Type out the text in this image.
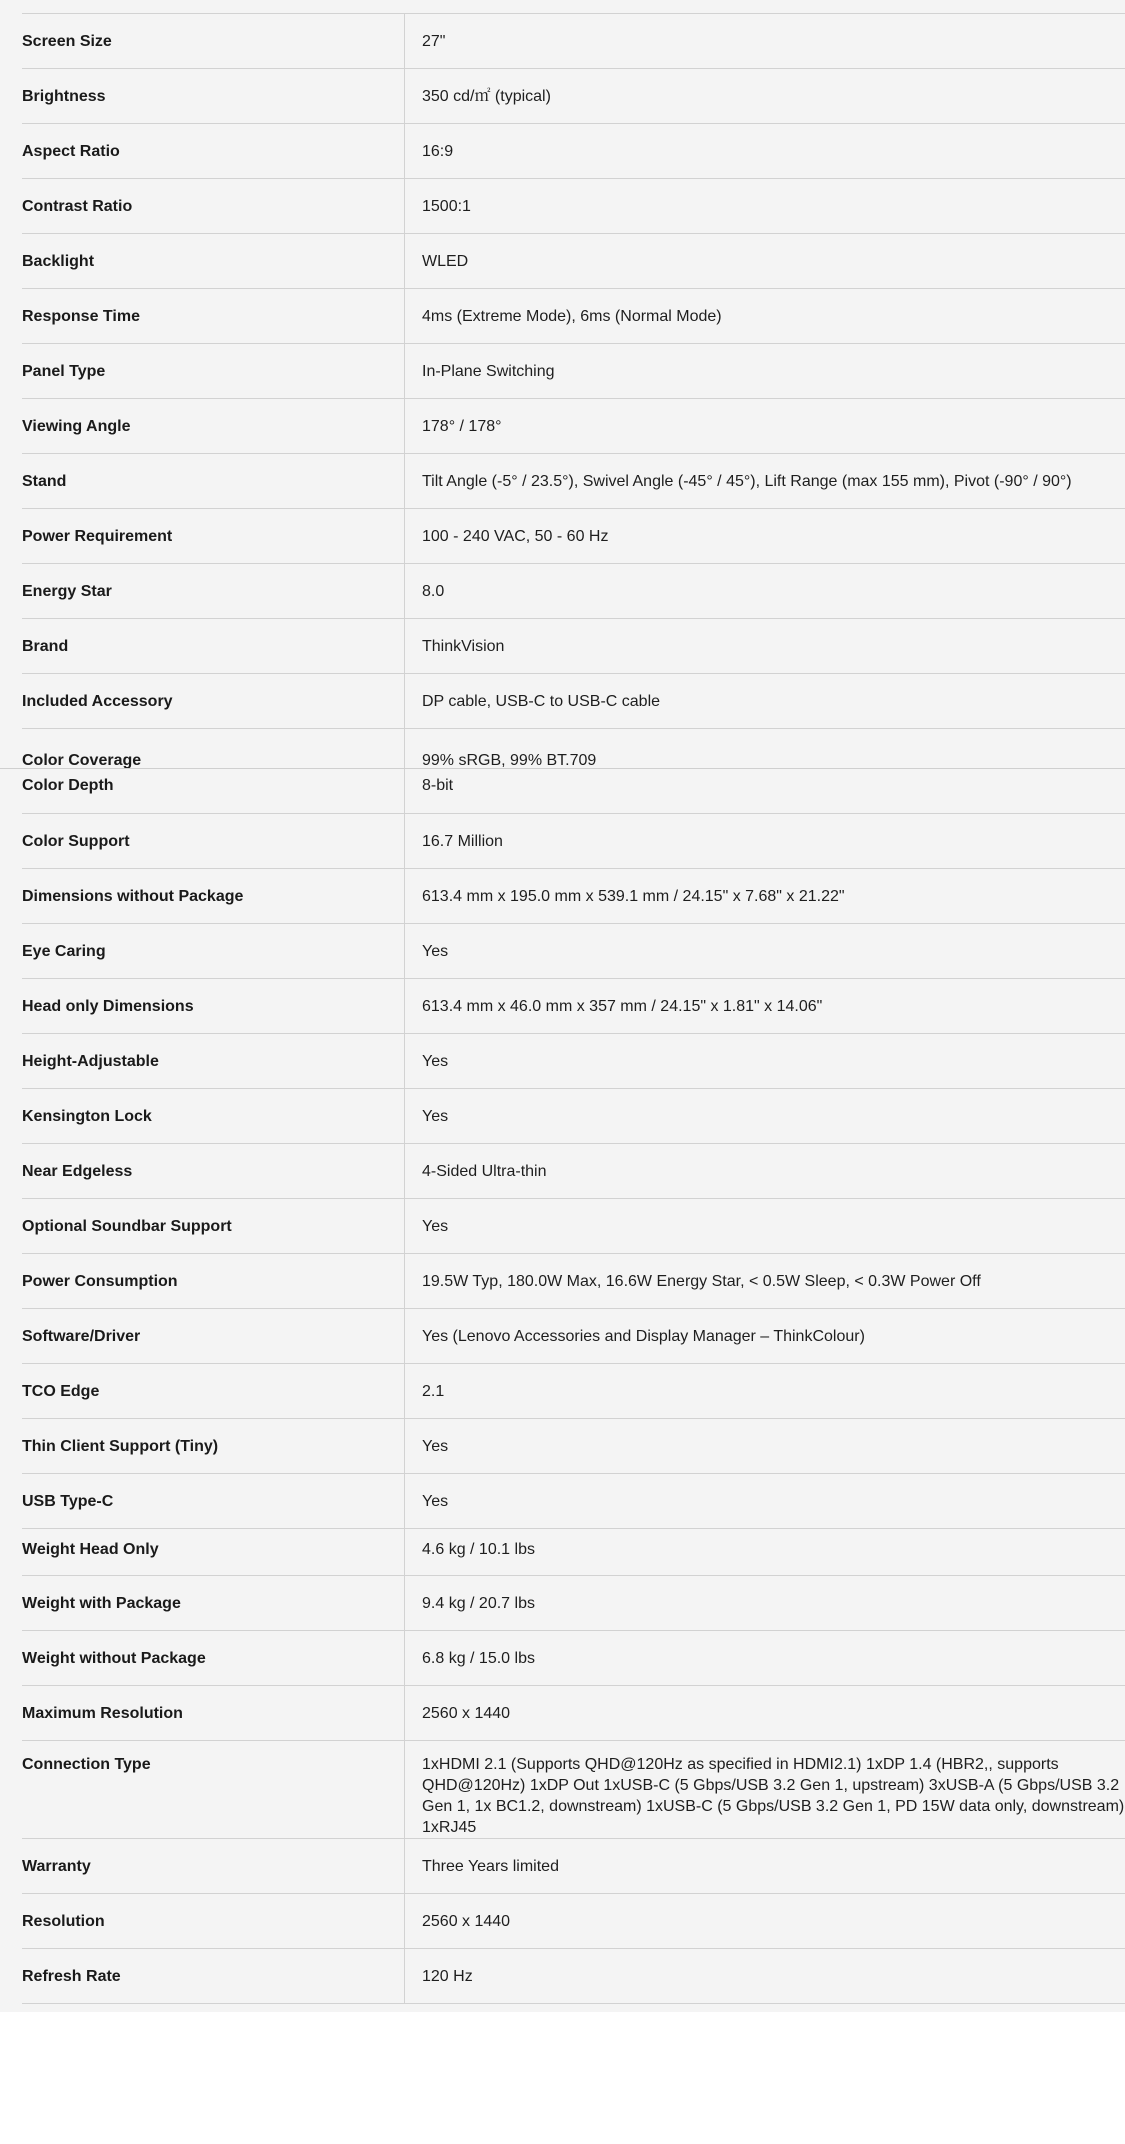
Screen Size	27"
Brightness	350 cd/㎡ (typical)
Aspect Ratio	16:9
Contrast Ratio	1500:1
Backlight	WLED
Response Time	4ms (Extreme Mode), 6ms (Normal Mode)
Panel Type	In-Plane Switching
Viewing Angle	178° / 178°
Stand	Tilt Angle (-5° / 23.5°), Swivel Angle (-45° / 45°), Lift Range (max 155 mm), Pivot (-90° / 90°)
Power Requirement	100 - 240 VAC, 50 - 60 Hz
Energy Star	8.0
Brand	ThinkVision
Included Accessory	DP cable, USB-C to USB-C cable
Color Coverage	99% sRGB, 99% BT.709
Color Depth	8-bit
Color Support	16.7 Million
Dimensions without Package	613.4 mm x 195.0 mm x 539.1 mm / 24.15" x 7.68" x 21.22"
Eye Caring	Yes
Head only Dimensions	613.4 mm x 46.0 mm x 357 mm / 24.15" x 1.81" x 14.06"
Height-Adjustable	Yes
Kensington Lock	Yes
Near Edgeless	4-Sided Ultra-thin
Optional Soundbar Support	Yes
Power Consumption	19.5W Typ, 180.0W Max, 16.6W Energy Star, < 0.5W Sleep, < 0.3W Power Off
Software/Driver	Yes (Lenovo Accessories and Display Manager – ThinkColour)
TCO Edge	2.1
Thin Client Support (Tiny)	Yes
USB Type-C	Yes
Weight Head Only	4.6 kg / 10.1 lbs
Weight with Package	9.4 kg / 20.7 lbs
Weight without Package	6.8 kg / 15.0 lbs
Maximum Resolution	2560 x 1440
Connection Type	1xHDMI 2.1 (Supports QHD@120Hz as specified in HDMI2.1) 1xDP 1.4 (HBR2,, supports QHD@120Hz) 1xDP Out 1xUSB-C (5 Gbps/USB 3.2 Gen 1, upstream) 3xUSB-A (5 Gbps/USB 3.2 Gen 1, 1x BC1.2, downstream) 1xUSB-C (5 Gbps/USB 3.2 Gen 1, PD 15W data only, downstream) 1xRJ45
Warranty	Three Years limited
Resolution	2560 x 1440
Refresh Rate	120 Hz
